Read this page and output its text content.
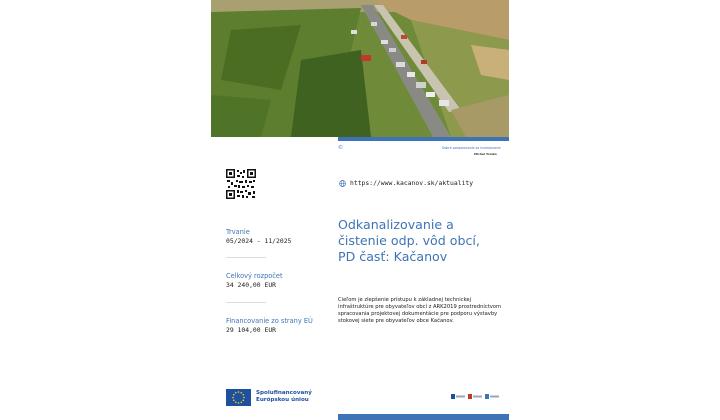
©	Dobrá podporovanie sa investovanie
Michal Tomko
https://www.kacanov.sk/aktuality
Trvanie
05/2024 - 11/2025
Celkový rozpočet
34 240,00 EUR
Financovanie zo strany EÚ
29 104,00 EUR
Odkanalizovanie a čistenie odp. vôd obcí, PD časť: Kačanov
Cieľom je zlepšenie prístupu k základnej technickej infraštruktúre pre obyvateľov obcí z ARK2019 prostredníctvom spracovania projektovej dokumentácie pre podporu výstavby stokovej siete pre obyvateľov obce Kačanov.
Spolufinancovaný
Európskou úniou
